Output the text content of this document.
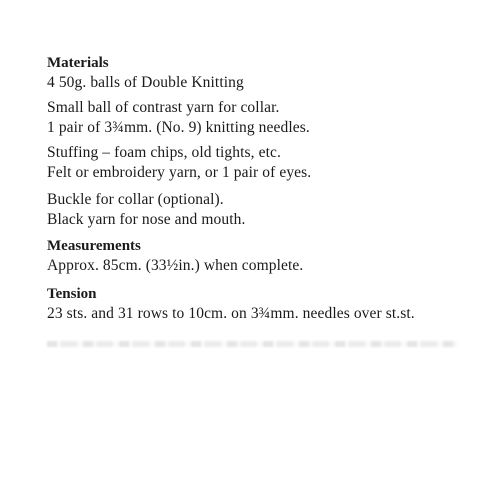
Materials

4 50g. balls of Double Knitting

Small ball of contrast yarn for collar.

1 pair of 3¾mm. (No. 9) knitting needles.

Stuffing – foam chips, old tights, etc.

Felt or embroidery yarn, or 1 pair of eyes.

Buckle for collar (optional).

Black yarn for nose and mouth.

Measurements

Approx. 85cm. (33½in.) when complete.

Tension

23 sts. and 31 rows to 10cm. on 3¾mm. needles over st.st.
